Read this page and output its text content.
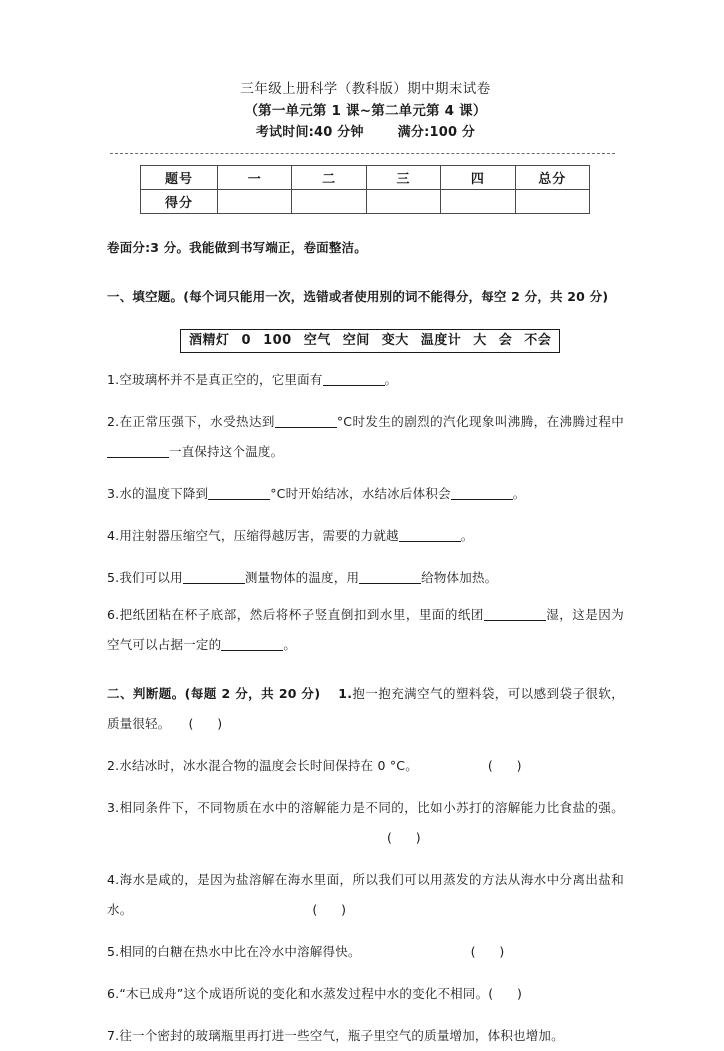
三年级上册科学（教科版）期中期末试卷
（第一单元第 1 课~第二单元第 4 课）
考试时间:40 分钟	满分:100 分
题号	一	二	三	四	总分
得分					
卷面分:3 分。我能做到书写端正，卷面整洁。
一、填空题。(每个词只能用一次，选错或者使用别的词不能得分，每空 2 分，共 20 分)
酒精灯 0 100 空气 空间 变大 温度计 大 会 不会
1.空玻璃杯并不是真正空的，它里面有	。
2.在正常压强下，水受热达到	°C时发生的剧烈的汽化现象叫沸腾，在沸腾过程中一直保持这个温度。
3.水的温度下降到	°C时开始结冰，水结冰后体积会	。
4.用注射器压缩空气，压缩得越厉害，需要的力就越	。
5.我们可以用	测量物体的温度，用	给物体加热。
6.把纸团粘在杯子底部，然后将杯子竖直倒扣到水里，里面的纸团	湿，这是因为空气可以占据一定的	。
二、判断题。(每题 2 分，共 20 分) 1.抱一抱充满空气的塑料袋，可以感到袋子很软，质量很轻。 (      )
2.水结冰时，冰水混合物的温度会长时间保持在 0 °C。	(      )
3.相同条件下，不同物质在水中的溶解能力是不同的，比如小苏打的溶解能力比食盐的强。(      )
4.海水是咸的，是因为盐溶解在海水里面，所以我们可以用蒸发的方法从海水中分离出盐和水。	(      )
5.相同的白糖在热水中比在冷水中溶解得快。	(      )
6.“木已成舟”这个成语所说的变化和水蒸发过程中水的变化不相同。(      )
7.往一个密封的玻璃瓶里再打进一些空气，瓶子里空气的质量增加，体积也增加。
